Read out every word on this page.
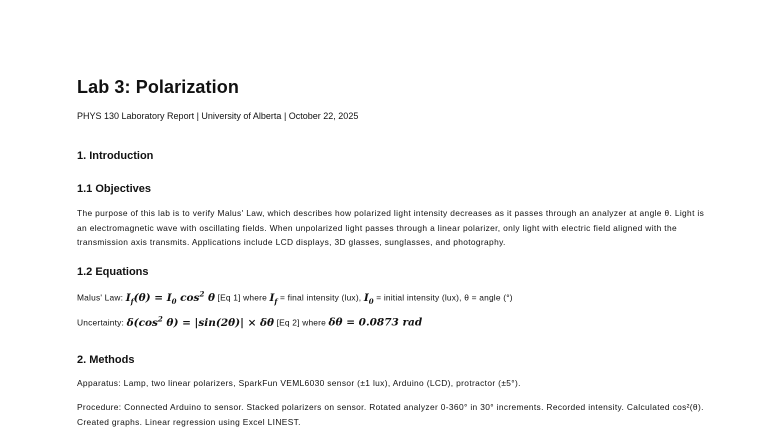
Lab 3: Polarization
PHYS 130 Laboratory Report | University of Alberta | October 22, 2025
1. Introduction
1.1 Objectives
The purpose of this lab is to verify Malus' Law, which describes how polarized light intensity decreases as it passes through an analyzer at angle θ. Light is an electromagnetic wave with oscillating fields. When unpolarized light passes through a linear polarizer, only light with electric field aligned with the transmission axis transmits. Applications include LCD displays, 3D glasses, sunglasses, and photography.
1.2 Equations
Malus' Law: $I_f(\theta) = I_0$ $\cos^2 \theta$ [Eq 1] where $I_f$ = final intensity (lux), $I_0$ = initial intensity (lux), θ = angle (°)
Uncertainty: $\delta(\cos^2$ θ) = |sin(2θ)| × δθ [Eq 2] where δθ = 0.0873 rad
2. Methods
Apparatus: Lamp, two linear polarizers, SparkFun VEML6030 sensor (±1 lux), Arduino (LCD), protractor (±5°).
Procedure: Connected Arduino to sensor. Stacked polarizers on sensor. Rotated analyzer 0-360° in 30° increments. Recorded intensity. Calculated cos²(θ). Created graphs. Linear regression using Excel LINEST.
